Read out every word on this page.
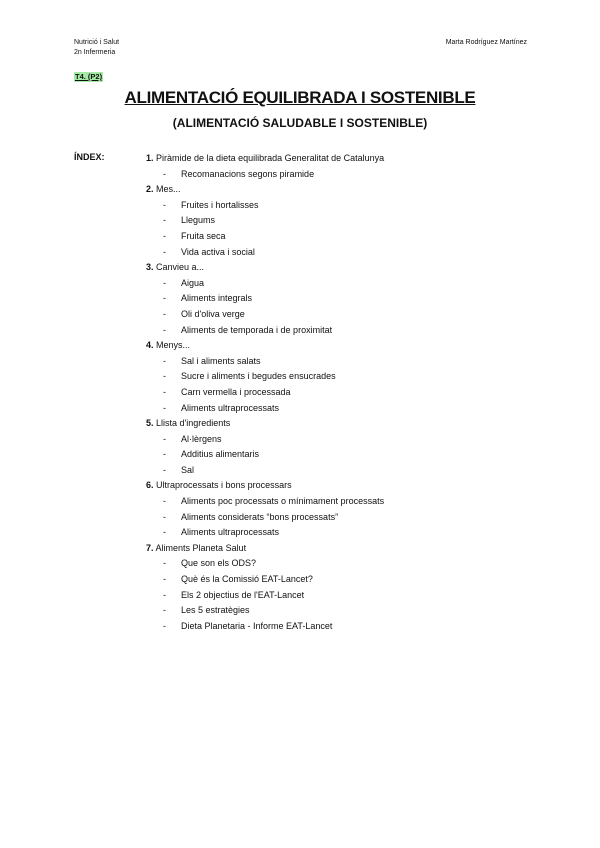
Nutrició i Salut
2n Infermeria
Marta Rodríguez Martínez
T4. (P2)
ALIMENTACIÓ EQUILIBRADA I SOSTENIBLE
(ALIMENTACIÓ SALUDABLE I SOSTENIBLE)
ÍNDEX:	1. Piràmide de la dieta equilibrada Generalitat de Catalunya
- Recomanacions segons piramide
2. Mes...
- Fruites i hortalisses
- Llegums
- Fruita seca
- Vida activa i social
3. Canvieu a...
- Aigua
- Aliments integrals
- Oli d'oliva verge
- Aliments de temporada i de proximitat
4. Menys...
- Sal i aliments salats
- Sucre i aliments i begudes ensucrades
- Carn vermella i processada
- Aliments ultraprocessats
5. Llista d'ingredients
- Al·lèrgens
- Additius alimentaris
- Sal
6. Ultraprocessats i bons processars
- Aliments poc processats o mínimament processats
- Aliments considerats “bons processats”
- Aliments ultraprocessats
7. Aliments Planeta Salut
- Que son els ODS?
- Què és la Comissió EAT-Lancet?
- Els 2 objectius de l'EAT-Lancet
- Les 5 estratègies
- Dieta Planetaria - Informe EAT-Lancet
